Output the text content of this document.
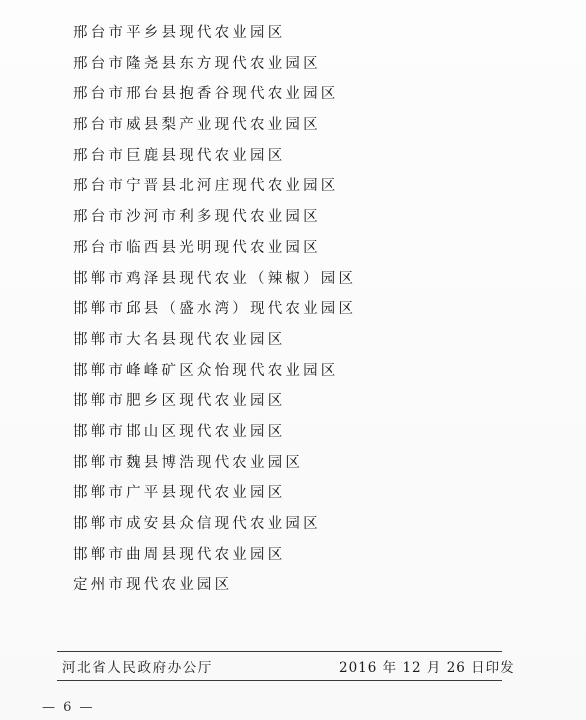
邢台市平乡县现代农业园区
邢台市隆尧县东方现代农业园区
邢台市邢台县抱香谷现代农业园区
邢台市威县梨产业现代农业园区
邢台市巨鹿县现代农业园区
邢台市宁晋县北河庄现代农业园区
邢台市沙河市利多现代农业园区
邢台市临西县光明现代农业园区
邯郸市鸡泽县现代农业（辣椒）园区
邯郸市邱县（盛水湾）现代农业园区
邯郸市大名县现代农业园区
邯郸市峰峰矿区众怡现代农业园区
邯郸市肥乡区现代农业园区
邯郸市邯山区现代农业园区
邯郸市魏县博浩现代农业园区
邯郸市广平县现代农业园区
邯郸市成安县众信现代农业园区
邯郸市曲周县现代农业园区
定州市现代农业园区
河北省人民政府办公厅	2016 年 12 月 26 日印发
— 6 —
